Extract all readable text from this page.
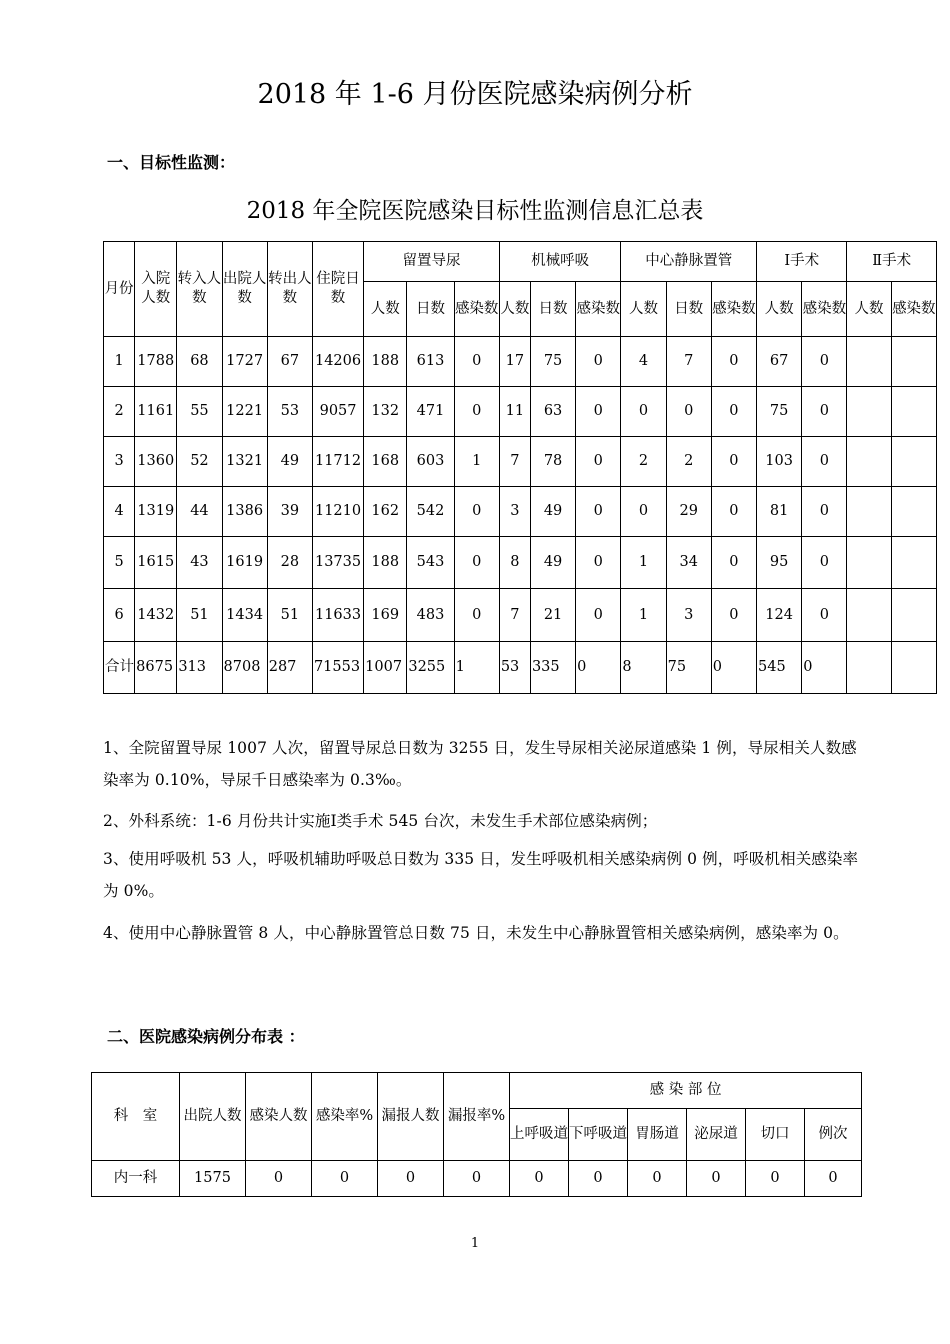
2018 年 1-6 月份医院感染病例分析
一、目标性监测：
2018 年全院医院感染目标性监测信息汇总表
月份	入院人数	转入人数	出院人数	转出人数	住院日数	留置导尿			机械呼吸			中心静脉置管			Ⅰ手术		Ⅱ手术	
						人数	日数	感染数	人数	日数	感染数	人数	日数	感染数	人数	感染数	人数	感染数
1	1788	68	1727	67	14206	188	613	0	17	75	0	4	7	0	67	0		
2	1161	55	1221	53	9057	132	471	0	11	63	0	0	0	0	75	0		
3	1360	52	1321	49	11712	168	603	1	7	78	0	2	2	0	103	0		
4	1319	44	1386	39	11210	162	542	0	3	49	0	0	29	0	81	0		
5	1615	43	1619	28	13735	188	543	0	8	49	0	1	34	0	95	0		
6	1432	51	1434	51	11633	169	483	0	7	21	0	1	3	0	124	0		
合计	8675	313	8708	287	71553	1007	3255	1	53	335	0	8	75	0	545	0		
1、全院留置导尿 1007 人次，留置导尿总日数为 3255 日，发生导尿相关泌尿道感染 1 例，导尿相关人数感染率为 0.10%，导尿千日感染率为 0.3‰。
2、外科系统：1-6 月份共计实施Ⅰ类手术 545 台次，未发生手术部位感染病例；
3、使用呼吸机 53 人，呼吸机辅助呼吸总日数为 335 日，发生呼吸机相关感染病例 0 例，呼吸机相关感染率为 0%。
4、使用中心静脉置管 8 人，中心静脉置管总日数 75 日，未发生中心静脉置管相关感染病例，感染率为 0。
二、医院感染病例分布表 ：
科　室	出院人数	感染人数	感染率%	漏报人数	漏报率%	感 染 部 位					
						上呼吸道	下呼吸道	胃肠道	泌尿道	切口	例次
内一科	1575	0	0	0	0	0	0	0	0	0	0
1
